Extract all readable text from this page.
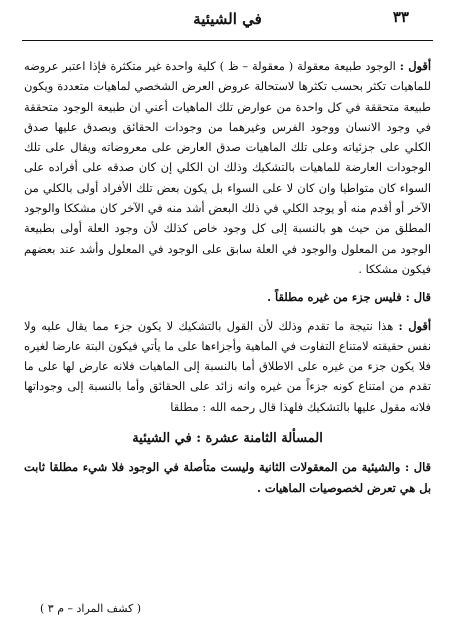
٣٣
في الشيئية

أقول : الوجود طبيعة معقولة ( معقولة – ظ ) كلية واحدة غير متكثرة فإذا اعتبر عروضه للماهيات تكثر بحسب تكثرها لاستحالة عروض العرض الشخصي لماهيات متعددة ويكون طبيعة متحققة في كل واحدة من عوارض تلك الماهيات أعني ان طبيعة الوجود متحققة في وجود الانسان ووجود الفرس وغيرهما من وجودات الحقائق وبصدق عليها صدق الكلي على جزئياته وعلى تلك الماهيات صدق العارض على معروضاته ويقال على تلك الوجودات العارضة للماهيات بالتشكيك وذلك ان الكلي إن كان صدقه على أفراده على السواء كان متواطيا وان كان لا على السواء بل يكون بعض تلك الأفراد أولى بالكلي من الآخر أو أقدم منه أو يوجد الكلي في ذلك البعض أشد منه في الآخر كان مشككا والوجود المطلق من حيث هو بالنسبة إلى كل وجود خاص كذلك لأن وجود العلة أولى بطبيعة الوجود من المعلول والوجود في العلة سابق على الوجود في المعلول وأشد عند بعضهم فيكون مشككا .

قال : فليس جزء من غيره مطلقاً .

أقول : هذا نتيجة ما تقدم وذلك لأن القول بالتشكيك لا يكون جزء مما يقال عليه ولا نفس حقيقته لامتناع التفاوت في الماهية وأجزاءها على ما يأتي فيكون البتة عارضا لغيره فلا يكون جزء من غيره على الاطلاق أما بالنسبة إلى الماهيات فلانه عارض لها على ما تقدم من امتناع كونه جزءاً من غيره وانه زائد على الحقائق وأما بالنسبة إلى وجوداتها فلانه مقول عليها بالتشكيك فلهذا قال رحمه الله : مطلقا

المسألة الثامنة عشرة : في الشيئية

قال : والشيئية من المعقولات الثانية وليست متأصلة في الوجود فلا شيء مطلقا ثابت بل هي تعرض لخصوصيات الماهيات .

( كشف المراد – م ٣ )
